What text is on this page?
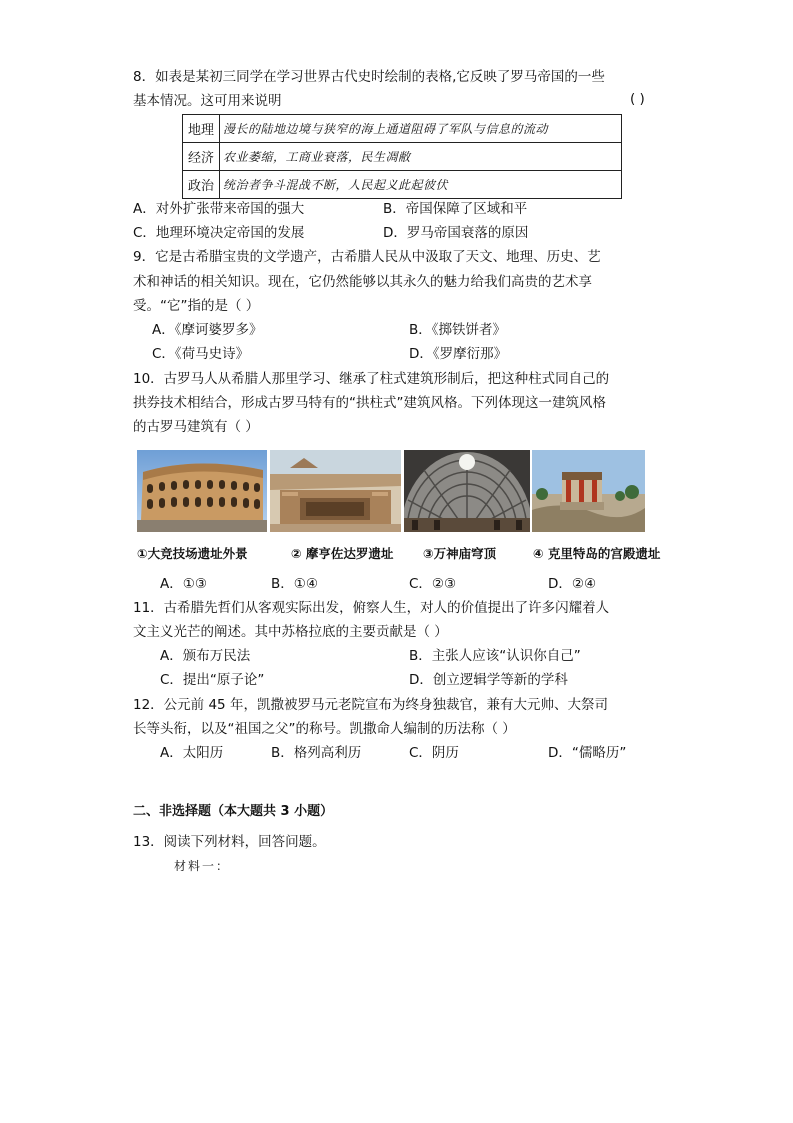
8．如表是某初三同学在学习世界古代史时绘制的表格,它反映了罗马帝国的一些
基本情况。这可用来说明	( )
地理	漫长的陆地边境与狭窄的海上通道阻碍了军队与信息的流动
经济	农业萎缩，工商业衰落，民生凋敝
政治	统治者争斗混战不断，人民起义此起彼伏
A．对外扩张带来帝国的强大	B．帝国保障了区域和平
C．地理环境决定帝国的发展	D．罗马帝国衰落的原因
9．它是古希腊宝贵的文学遗产，古希腊人民从中汲取了天文、地理、历史、艺
术和神话的相关知识。现在，它仍然能够以其永久的魅力给我们高贵的艺术享
受。“它”指的是（ ）
A．《摩诃婆罗多》	B．《掷铁饼者》
C．《荷马史诗》	D．《罗摩衍那》
10．古罗马人从希腊人那里学习、继承了柱式建筑形制后，把这种柱式同自己的
拱券技术相结合，形成古罗马特有的“拱柱式”建筑风格。下列体现这一建筑风格
的古罗马建筑有（ ）
①大竞技场遗址外景	② 摩亨佐达罗遗址 ③万神庙穹顶	④ 克里特岛的宫殿遗址
A．①③	B．①④	C．②③	D．②④
11．古希腊先哲们从客观实际出发，俯察人生，对人的价值提出了许多闪耀着人
文主义光芒的阐述。其中苏格拉底的主要贡献是（ ）
A．颁布万民法	B．主张人应该“认识你自己”
C．提出“原子论”	D．创立逻辑学等新的学科
12．公元前 45 年，凯撒被罗马元老院宣布为终身独裁官，兼有大元帅、大祭司
长等头衔，以及“祖国之父”的称号。凯撒命人编制的历法称（ ）
A．太阳历	B．格列高利历	C．阴历	D．“儒略历”
二、非选择题（本大题共 3 小题）
13．阅读下列材料，回答问题。
材料一：
